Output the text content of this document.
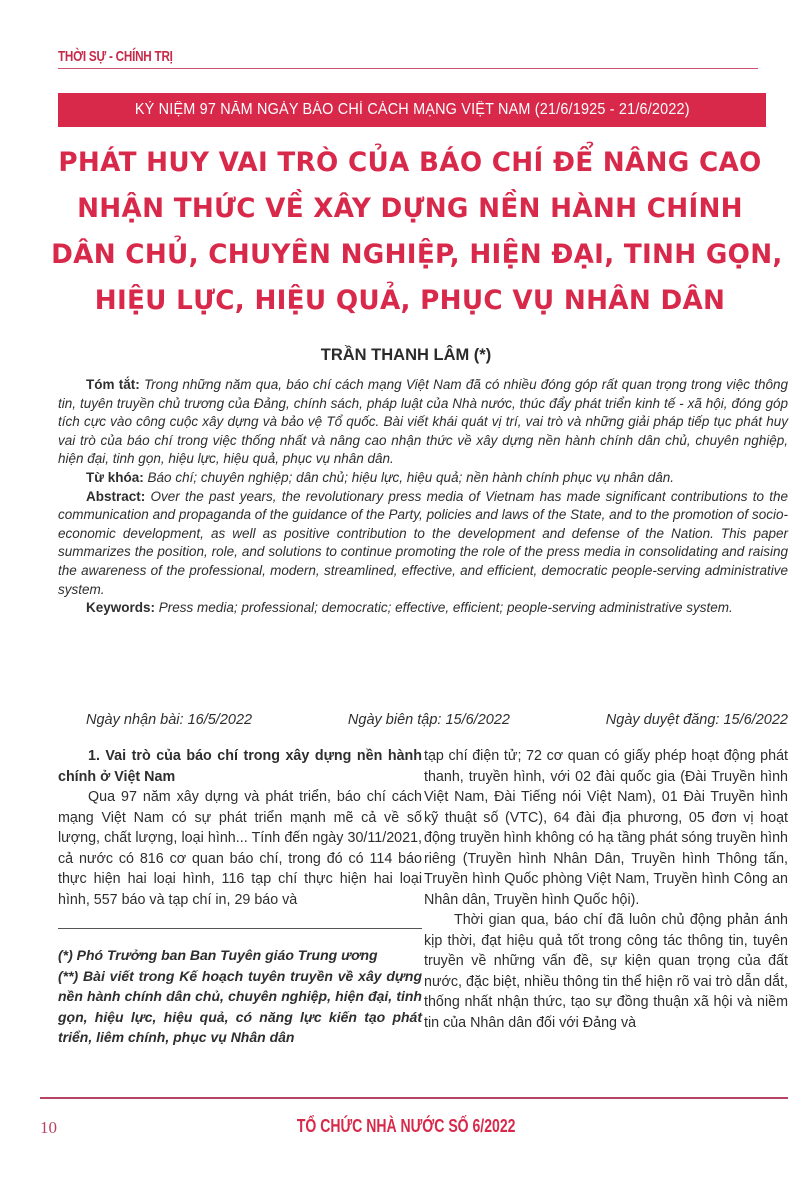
THỜI SỰ - CHÍNH TRỊ
KỶ NIỆM 97 NĂM NGÀY BÁO CHÍ CÁCH MẠNG VIỆT NAM (21/6/1925 - 21/6/2022)
PHÁT HUY VAI TRÒ CỦA BÁO CHÍ ĐỂ NÂNG CAO
NHẬN THỨC VỀ XÂY DỰNG NỀN HÀNH CHÍNH
DÂN CHỦ, CHUYÊN NGHIỆP, HIỆN ĐẠI, TINH GỌN,
HIỆU LỰC, HIỆU QUẢ, PHỤC VỤ NHÂN DÂN
TRẦN THANH LÂM (*)

Tóm tắt: Trong những năm qua, báo chí cách mạng Việt Nam đã có nhiều đóng góp rất quan trọng trong việc thông tin, tuyên truyền chủ trương của Đảng, chính sách, pháp luật của Nhà nước, thúc đẩy phát triển kinh tế - xã hội, đóng góp tích cực vào công cuộc xây dựng và bảo vệ Tổ quốc. Bài viết khái quát vị trí, vai trò và những giải pháp tiếp tục phát huy vai trò của báo chí trong việc thống nhất và nâng cao nhận thức về xây dựng nền hành chính dân chủ, chuyên nghiệp, hiện đại, tinh gọn, hiệu lực, hiệu quả, phục vụ nhân dân.

Từ khóa: Báo chí; chuyên nghiệp; dân chủ; hiệu lực, hiệu quả; nền hành chính phục vụ nhân dân.

Abstract: Over the past years, the revolutionary press media of Vietnam has made significant contributions to the communication and propaganda of the guidance of the Party, policies and laws of the State, and to the promotion of socio-economic development, as well as positive contribution to the development and defense of the Nation. This paper summarizes the position, role, and solutions to continue promoting the role of the press media in consolidating and raising the awareness of the professional, modern, streamlined, effective, and efficient, democratic people-serving administrative system.

Keywords: Press media; professional; democratic; effective, efficient; people-serving administrative system.

Ngày nhận bài: 16/5/2022	Ngày biên tập: 15/6/2022	Ngày duyệt đăng: 15/6/2022

1. Vai trò của báo chí trong xây dựng nền hành chính ở Việt Nam

Qua 97 năm xây dựng và phát triển, báo chí cách mạng Việt Nam có sự phát triển mạnh mẽ cả về số lượng, chất lượng, loại hình... Tính đến ngày 30/11/2021, cả nước có 816 cơ quan báo chí, trong đó có 114 báo thực hiện hai loại hình, 116 tạp chí thực hiện hai loại hình, 557 báo và tạp chí in, 29 báo và

(*) Phó Trưởng ban Ban Tuyên giáo Trung ương

(**) Bài viết trong Kế hoạch tuyên truyền về xây dựng nền hành chính dân chủ, chuyên nghiệp, hiện đại, tinh gọn, hiệu lực, hiệu quả, có năng lực kiến tạo phát triển, liêm chính, phục vụ Nhân dân

tạp chí điện tử; 72 cơ quan có giấy phép hoạt động phát thanh, truyền hình, với 02 đài quốc gia (Đài Truyền hình Việt Nam, Đài Tiếng nói Việt Nam), 01 Đài Truyền hình kỹ thuật số (VTC), 64 đài địa phương, 05 đơn vị hoạt động truyền hình không có hạ tầng phát sóng truyền hình riêng (Truyền hình Nhân Dân, Truyền hình Thông tấn, Truyền hình Quốc phòng Việt Nam, Truyền hình Công an Nhân dân, Truyền hình Quốc hội).

Thời gian qua, báo chí đã luôn chủ động phản ánh kịp thời, đạt hiệu quả tốt trong công tác thông tin, tuyên truyền về những vấn đề, sự kiện quan trọng của đất nước, đặc biệt, nhiều thông tin thể hiện rõ vai trò dẫn dắt, thống nhất nhận thức, tạo sự đồng thuận xã hội và niềm tin của Nhân dân đối với Đảng và

10	TỔ CHỨC NHÀ NƯỚC SỐ 6/2022
